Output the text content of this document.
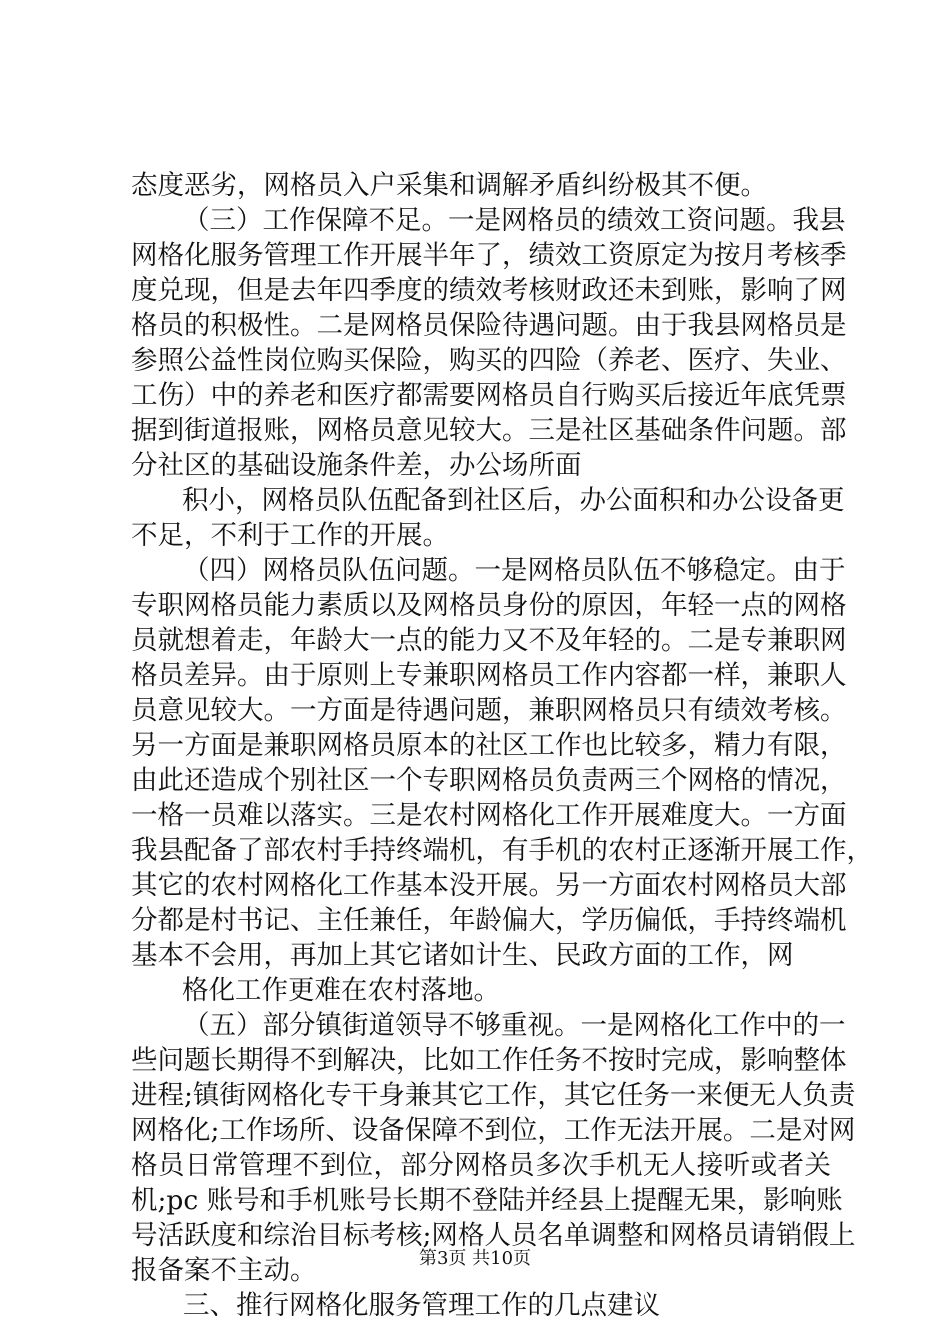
态度恶劣，网格员入户采集和调解矛盾纠纷极其不便。
（三）工作保障不足。一是网格员的绩效工资问题。我县
网格化服务管理工作开展半年了，绩效工资原定为按月考核季
度兑现，但是去年四季度的绩效考核财政还未到账，影响了网
格员的积极性。二是网格员保险待遇问题。由于我县网格员是
参照公益性岗位购买保险，购买的四险（养老、医疗、失业、
工伤）中的养老和医疗都需要网格员自行购买后接近年底凭票
据到街道报账，网格员意见较大。三是社区基础条件问题。部
分社区的基础设施条件差，办公场所面
积小，网格员队伍配备到社区后，办公面积和办公设备更
不足，不利于工作的开展。
（四）网格员队伍问题。一是网格员队伍不够稳定。由于
专职网格员能力素质以及网格员身份的原因，年轻一点的网格
员就想着走，年龄大一点的能力又不及年轻的。二是专兼职网
格员差异。由于原则上专兼职网格员工作内容都一样，兼职人
员意见较大。一方面是待遇问题，兼职网格员只有绩效考核。
另一方面是兼职网格员原本的社区工作也比较多，精力有限，
由此还造成个别社区一个专职网格员负责两三个网格的情况，
一格一员难以落实。三是农村网格化工作开展难度大。一方面
我县配备了部农村手持终端机，有手机的农村正逐渐开展工作，
其它的农村网格化工作基本没开展。另一方面农村网格员大部
分都是村书记、主任兼任，年龄偏大，学历偏低，手持终端机
基本不会用，再加上其它诸如计生、民政方面的工作，网
格化工作更难在农村落地。
（五）部分镇街道领导不够重视。一是网格化工作中的一
些问题长期得不到解决，比如工作任务不按时完成，影响整体
进程;镇街网格化专干身兼其它工作，其它任务一来便无人负责
网格化;工作场所、设备保障不到位，工作无法开展。二是对网
格员日常管理不到位，部分网格员多次手机无人接听或者关
机;pc 账号和手机账号长期不登陆并经县上提醒无果，影响账
号活跃度和综治目标考核;网格人员名单调整和网格员请销假上
报备案不主动。
三、推行网格化服务管理工作的几点建议
第3页 共10页
